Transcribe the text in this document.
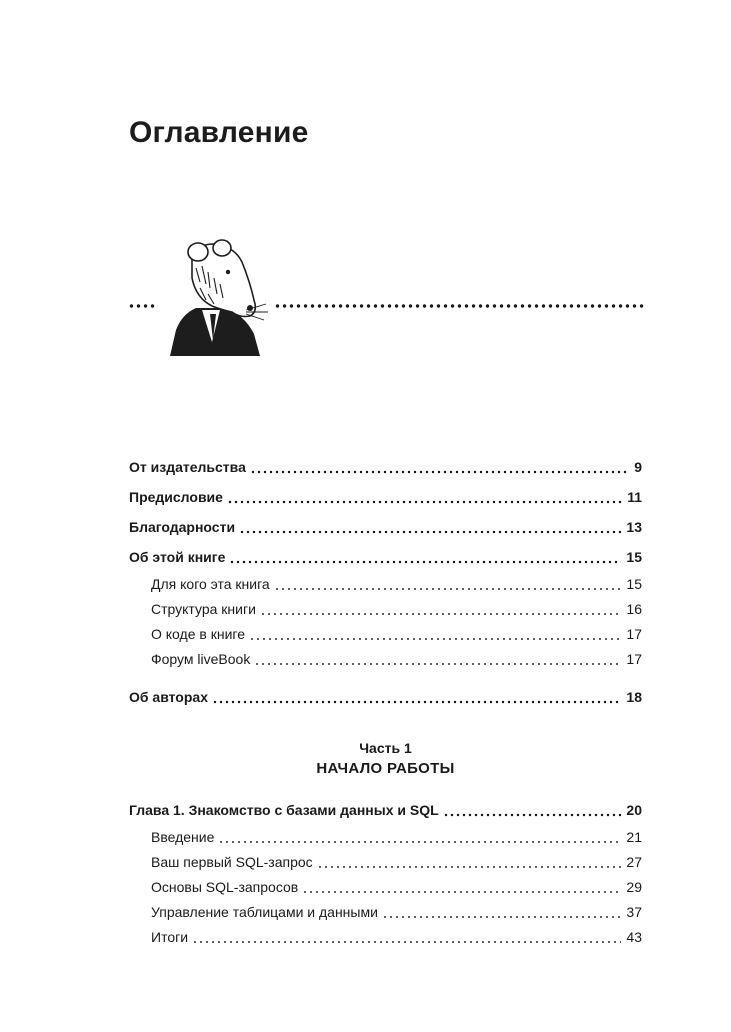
Оглавление
От издательства	9
Предисловие	11
Благодарности	13
Об этой книге	15
Для кого эта книга	15
Структура книги	16
О коде в книге	17
Форум liveBook	17
Об авторах	18
Часть 1
НАЧАЛО РАБОТЫ
Глава 1. Знакомство с базами данных и SQL	20
Введение	21
Ваш первый SQL-запрос	27
Основы SQL-запросов	29
Управление таблицами и данными	37
Итоги	43
